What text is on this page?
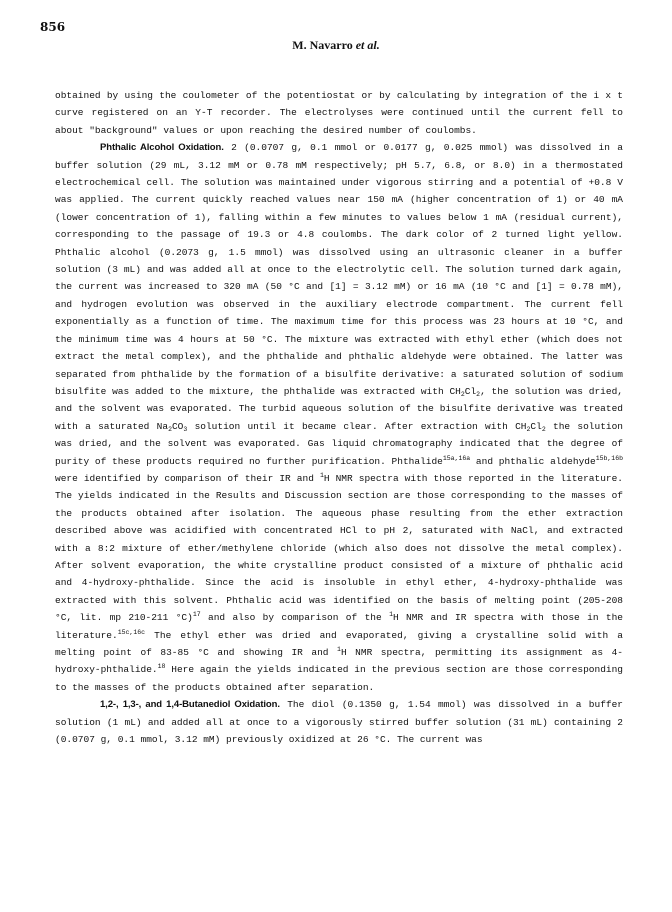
856
M. Navarro et al.

obtained by using the coulometer of the potentiostat or by calculating by integration of the i x t curve registered on an Y-T recorder. The electrolyses were continued until the current fell to about "background" values or upon reaching the desired number of coulombs.

Phthalic Alcohol Oxidation. 2 (0.0707 g, 0.1 mmol or 0.0177 g, 0.025 mmol) was dissolved in a buffer solution (29 mL, 3.12 mM or 0.78 mM respectively; pH 5.7, 6.8, or 8.0) in a thermostated electrochemical cell. The solution was maintained under vigorous stirring and a potential of +0.8 V was applied. The current quickly reached values near 150 mA (higher concentration of 1) or 40 mA (lower concentration of 1), falling within a few minutes to values below 1 mA (residual current), corresponding to the passage of 19.3 or 4.8 coulombs. The dark color of 2 turned light yellow. Phthalic alcohol (0.2073 g, 1.5 mmol) was dissolved using an ultrasonic cleaner in a buffer solution (3 mL) and was added all at once to the electrolytic cell. The solution turned dark again, the current was increased to 320 mA (50 °C and [1] = 3.12 mM) or 16 mA (10 °C and [1] = 0.78 mM), and hydrogen evolution was observed in the auxiliary electrode compartment. The current fell exponentially as a function of time. The maximum time for this process was 23 hours at 10 °C, and the minimum time was 4 hours at 50 °C. The mixture was extracted with ethyl ether (which does not extract the metal complex), and the phthalide and phthalic aldehyde were obtained. The latter was separated from phthalide by the formation of a bisulfite derivative: a saturated solution of sodium bisulfite was added to the mixture, the phthalide was extracted with $CH_2Cl_2$, the solution was dried, and the solvent was evaporated. The turbid aqueous solution of the bisulfite derivative was treated with a saturated $Na_2CO_3$ solution until it became clear. After extraction with $CH_2Cl_2$ the solution was dried, and the solvent was evaporated. Gas liquid chromatography indicated that the degree of purity of these products required no further purification. Phthalide$^{15a,16a}$ and phthalic aldehyde$^{15b,16b}$ were identified by comparison of their IR and $^1$H NMR spectra with those reported in the literature. The yields indicated in the Results and Discussion section are those corresponding to the masses of the products obtained after isolation. The aqueous phase resulting from the ether extraction described above was acidified with concentrated HCl to pH 2, saturated with NaCl, and extracted with a 8:2 mixture of ether/methylene chloride (which also does not dissolve the metal complex). After solvent evaporation, the white crystalline product consisted of a mixture of phthalic acid and 4-hydroxy-phthalide. Since the acid is insoluble in ethyl ether, 4-hydroxy-phthalide was extracted with this solvent. Phthalic acid was identified on the basis of melting point (205-208 °C, lit. mp 210-211 °C)$^{17}$ and also by comparison of the $^1$H NMR and IR spectra with those in the literature.$^{15c,16c}$ The ethyl ether was dried and evaporated, giving a crystalline solid with a melting point of 83-85 °C and showing IR and $^1$H NMR spectra, permitting its assignment as 4-hydroxy-phthalide.$^{18}$ Here again the yields indicated in the previous section are those corresponding to the masses of the products obtained after separation.

1,2-, 1,3-, and 1,4-Butanediol Oxidation. The diol (0.1350 g, 1.54 mmol) was dissolved in a buffer solution (1 mL) and added all at once to a vigorously stirred buffer solution (31 mL) containing 2 (0.0707 g, 0.1 mmol, 3.12 mM) previously oxidized at 26 °C. The current was
